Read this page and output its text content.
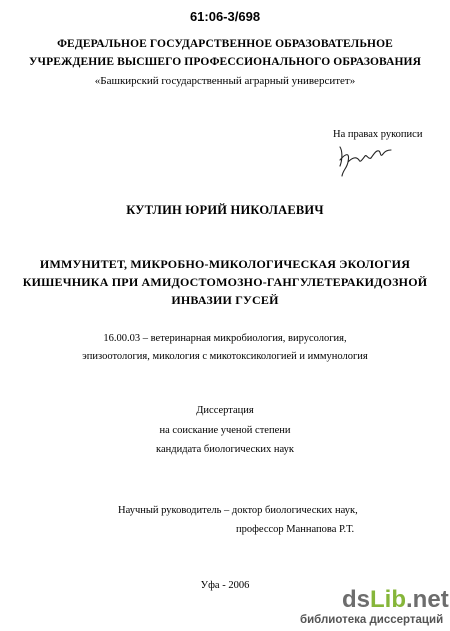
61:06-3/698
ФЕДЕРАЛЬНОЕ ГОСУДАРСТВЕННОЕ ОБРАЗОВАТЕЛЬНОЕ
УЧРЕЖДЕНИЕ ВЫСШЕГО ПРОФЕССИОНАЛЬНОГО ОБРАЗОВАНИЯ
«Башкирский государственный аграрный университет»
На правах рукописи
КУТЛИН ЮРИЙ НИКОЛАЕВИЧ
ИММУНИТЕТ, МИКРОБНО-МИКОЛОГИЧЕСКАЯ ЭКОЛОГИЯ
КИШЕЧНИКА ПРИ АМИДОСТОМОЗНО-ГАНГУЛЕТЕРАКИДОЗНОЙ
ИНВАЗИИ ГУСЕЙ
16.00.03 – ветеринарная микробиология, вирусология,
эпизоотология, микология с микотоксикологией и иммунология
Диссертация
на соискание ученой степени
кандидата биологических наук
Научный руководитель – доктор биологических наук,
профессор Маннапова Р.Т.
Уфа - 2006
dsLib.net
библиотека диссертаций
